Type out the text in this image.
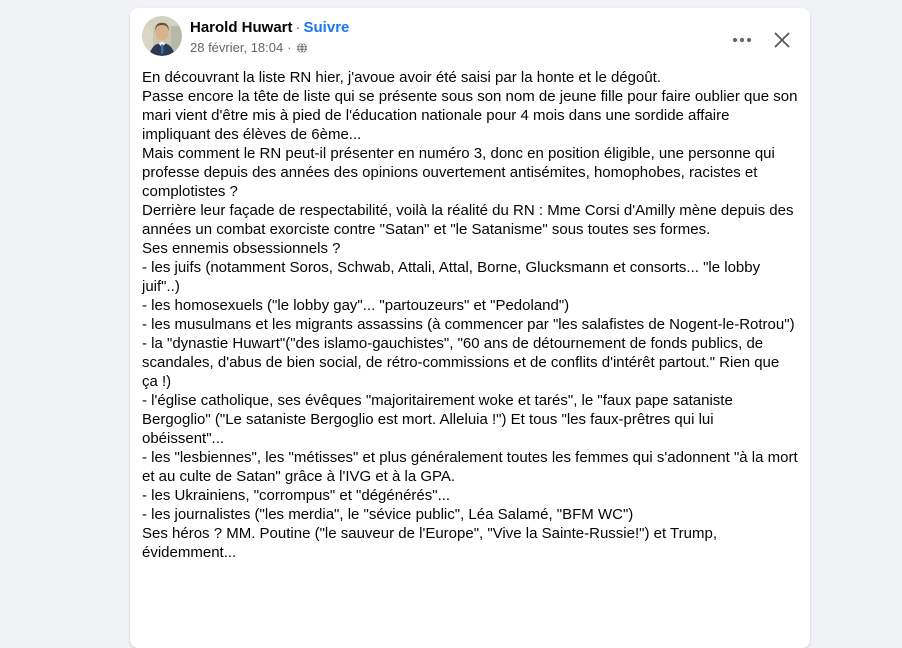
Harold Huwart · Suivre
28 février, 18:04 ·
En découvrant la liste RN hier, j'avoue avoir été saisi par la honte et le dégoût.
Passe encore la tête de liste qui se présente sous son nom de jeune fille pour faire oublier que son mari vient d'être mis à pied de l'éducation nationale pour 4 mois dans une sordide affaire impliquant des élèves de 6ème...
Mais comment le RN peut-il présenter en numéro 3, donc en position éligible, une personne qui professe depuis des années des opinions ouvertement antisémites, homophobes, racistes et complotistes ?
Derrière leur façade de respectabilité, voilà la réalité du RN : Mme Corsi d'Amilly mène depuis des années un combat exorciste contre "Satan" et "le Satanisme" sous toutes ses formes.
Ses ennemis obsessionnels ?
- les juifs (notamment Soros, Schwab, Attali, Attal, Borne, Glucksmann et consorts... "le lobby juif"..)
- les homosexuels ("le lobby gay"... "partouzeurs" et "Pedoland")
- les musulmans et les migrants assassins (à commencer par "les salafistes de Nogent-le-Rotrou")
- la "dynastie Huwart"("des islamo-gauchistes", "60 ans de détournement de fonds publics, de scandales, d'abus de bien social, de rétro-commissions et de conflits d'intérêt partout." Rien que ça !)
- l'église catholique, ses évêques "majoritairement woke et tarés", le "faux pape sataniste Bergoglio" ("Le sataniste Bergoglio est mort. Alleluia !") Et tous "les faux-prêtres qui lui obéissent"...
- les "lesbiennes", les "métisses" et plus généralement toutes les femmes qui s'adonnent "à la mort et au culte de Satan" grâce à l'IVG et à la GPA.
- les Ukrainiens, "corrompus" et "dégénérés"...
- les journalistes ("les merdia", le "sévice public", Léa Salamé, "BFM WC")
Ses héros ? MM. Poutine ("le sauveur de l'Europe", "Vive la Sainte-Russie!") et Trump, évidemment...
